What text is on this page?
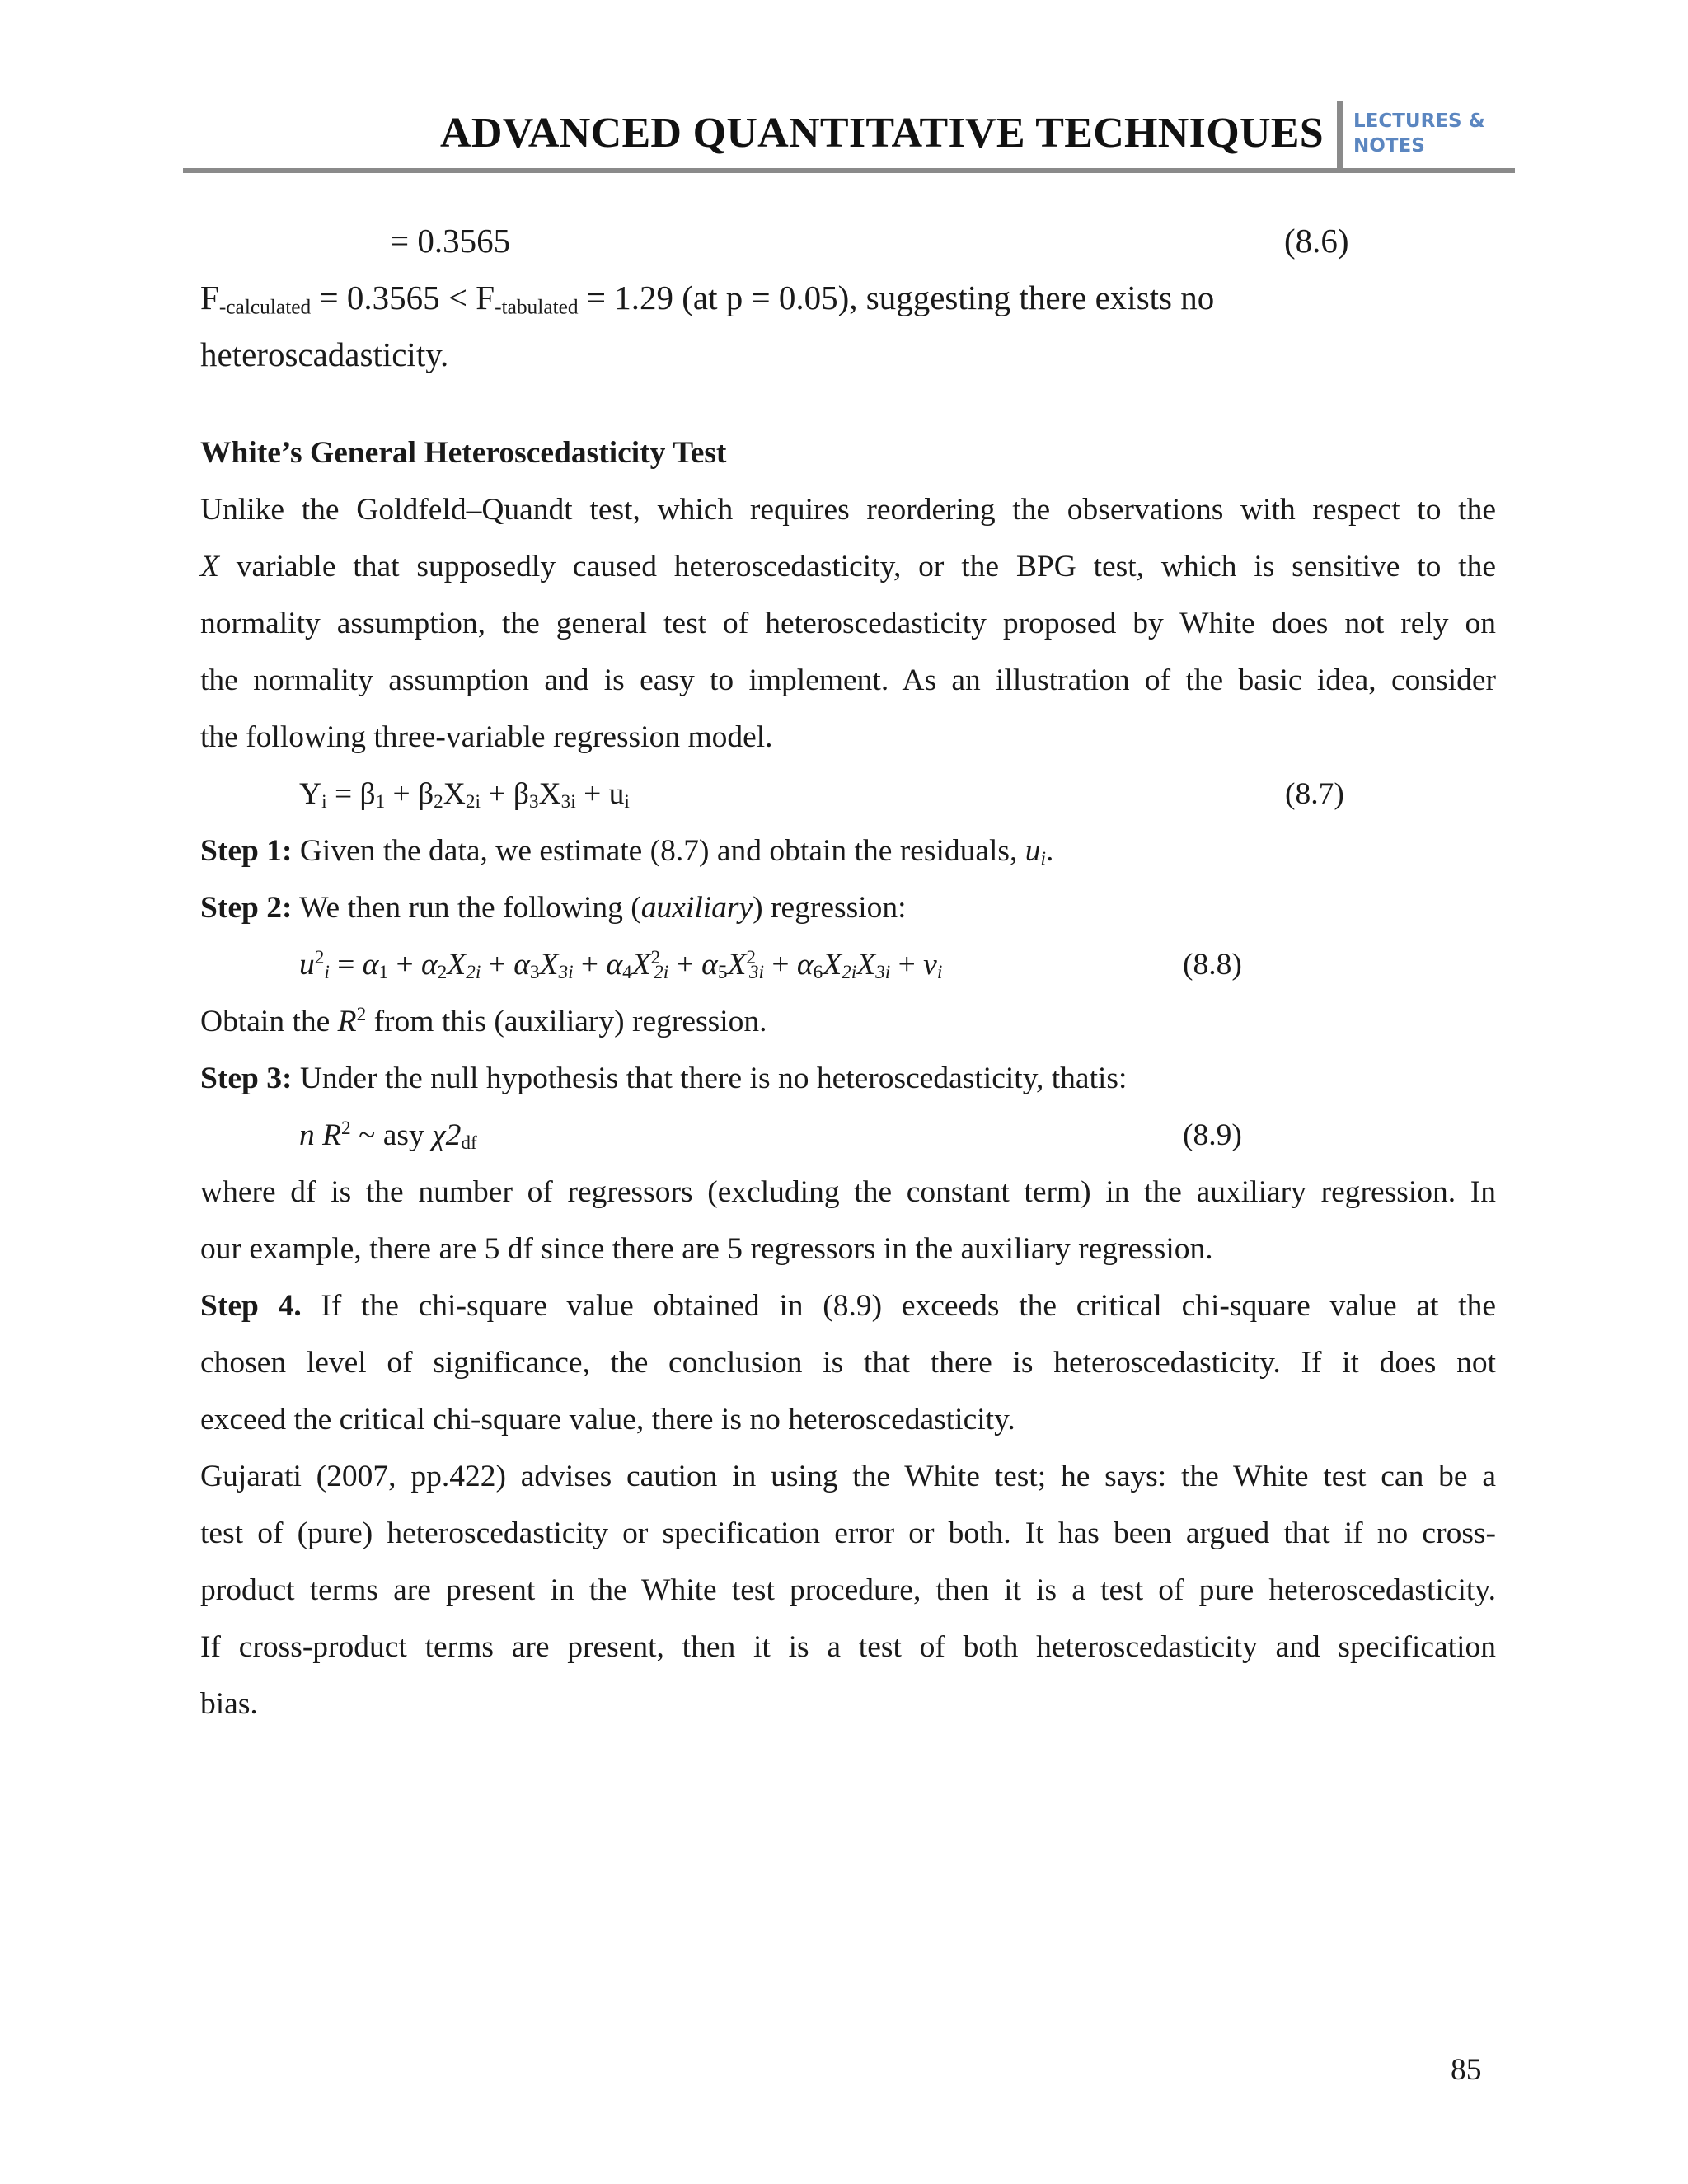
ADVANCED QUANTITATIVE TECHNIQUES LECTURES &
NOTES
= 0.3565	(8.6)
$F_{-calculated} = 0.3565 < F_{-tabulated} = 1.29$ (at p = 0.05), suggesting there exists no
heteroscadasticity.
White’s General Heteroscedasticity Test
Unlike the Goldfeld–Quandt test, which requires reordering the observations with respect to the
X variable that supposedly caused heteroscedasticity, or the BPG test, which is sensitive to the
normality assumption, the general test of heteroscedasticity proposed by White does not rely on
the normality assumption and is easy to implement. As an illustration of the basic idea, consider
the following three-variable regression model.
$Y_i = \beta_1 + \beta_2X_{2i} + \beta_3X_{3i} + u_i$	(8.7)
Step 1: Given the data, we estimate (8.7) and obtain the residuals, $u_i$.
Step 2: We then run the following (auxiliary) regression:
$u^2_i = \alpha_1 + \alpha_2X_{2i} + \alpha_3X_{3i} + \alpha_4X^2_{2i} + \alpha_5X^2_{3i} + \alpha_6X_{2i}X_{3i} + v_i$	(8.8)
Obtain the $R^2$ from this (auxiliary) regression.
Step 3: Under the null hypothesis that there is no heteroscedasticity, thatis:
n $R^2$ ~ asy $\chi 2_{df}$	(8.9)
where df is the number of regressors (excluding the constant term) in the auxiliary regression. In
our example, there are 5 df since there are 5 regressors in the auxiliary regression.
Step 4. If the chi-square value obtained in (8.9) exceeds the critical chi-square value at the
chosen level of significance, the conclusion is that there is heteroscedasticity. If it does not
exceed the critical chi-square value, there is no heteroscedasticity.
Gujarati (2007, pp.422) advises caution in using the White test; he says: the White test can be a
test of (pure) heteroscedasticity or specification error or both. It has been argued that if no cross-
product terms are present in the White test procedure, then it is a test of pure heteroscedasticity.
If cross-product terms are present, then it is a test of both heteroscedasticity and specification
bias.
85
